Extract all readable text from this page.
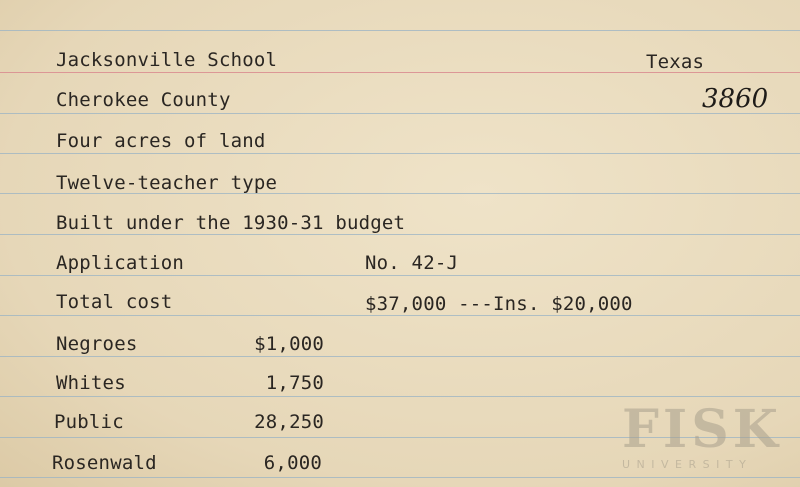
Jacksonville School	Texas
Cherokee County	3860
Four acres of land
Twelve-teacher type
Built under the 1930-31 budget
Application	No. 42-J
Total cost	$37,000 ---Ins. $20,000
Negroes	$1,000
Whites	1,750
Public	28,250
Rosenwald	6,000
FISK
UNIVERSITY
